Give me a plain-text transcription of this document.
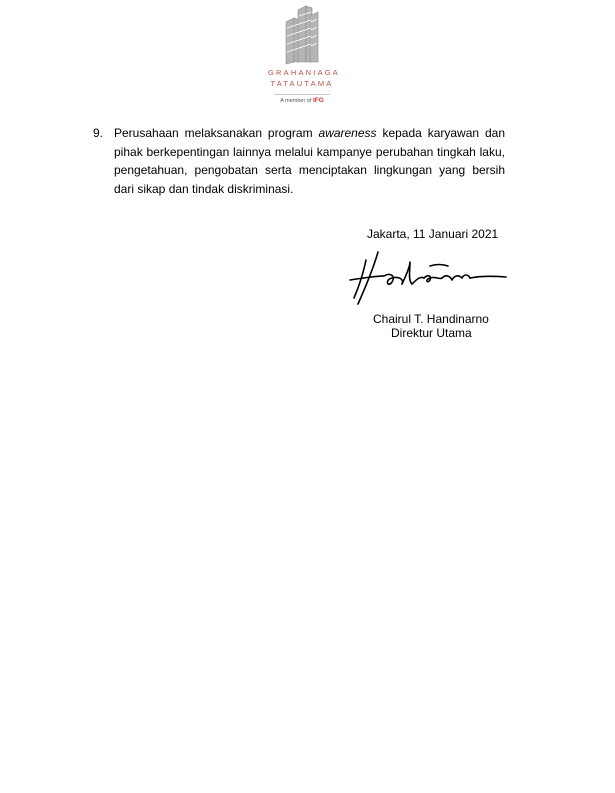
GRAHANIAGA
TATAUTAMA
A member of IFG
9. Perusahaan melaksanakan program awareness kepada karyawan dan pihak berkepentingan lainnya melalui kampanye perubahan tingkah laku, pengetahuan, pengobatan serta menciptakan lingkungan yang bersih dari sikap dan tindak diskriminasi.
Jakarta, 11 Januari 2021
Chairul T. Handinarno
Direktur Utama
